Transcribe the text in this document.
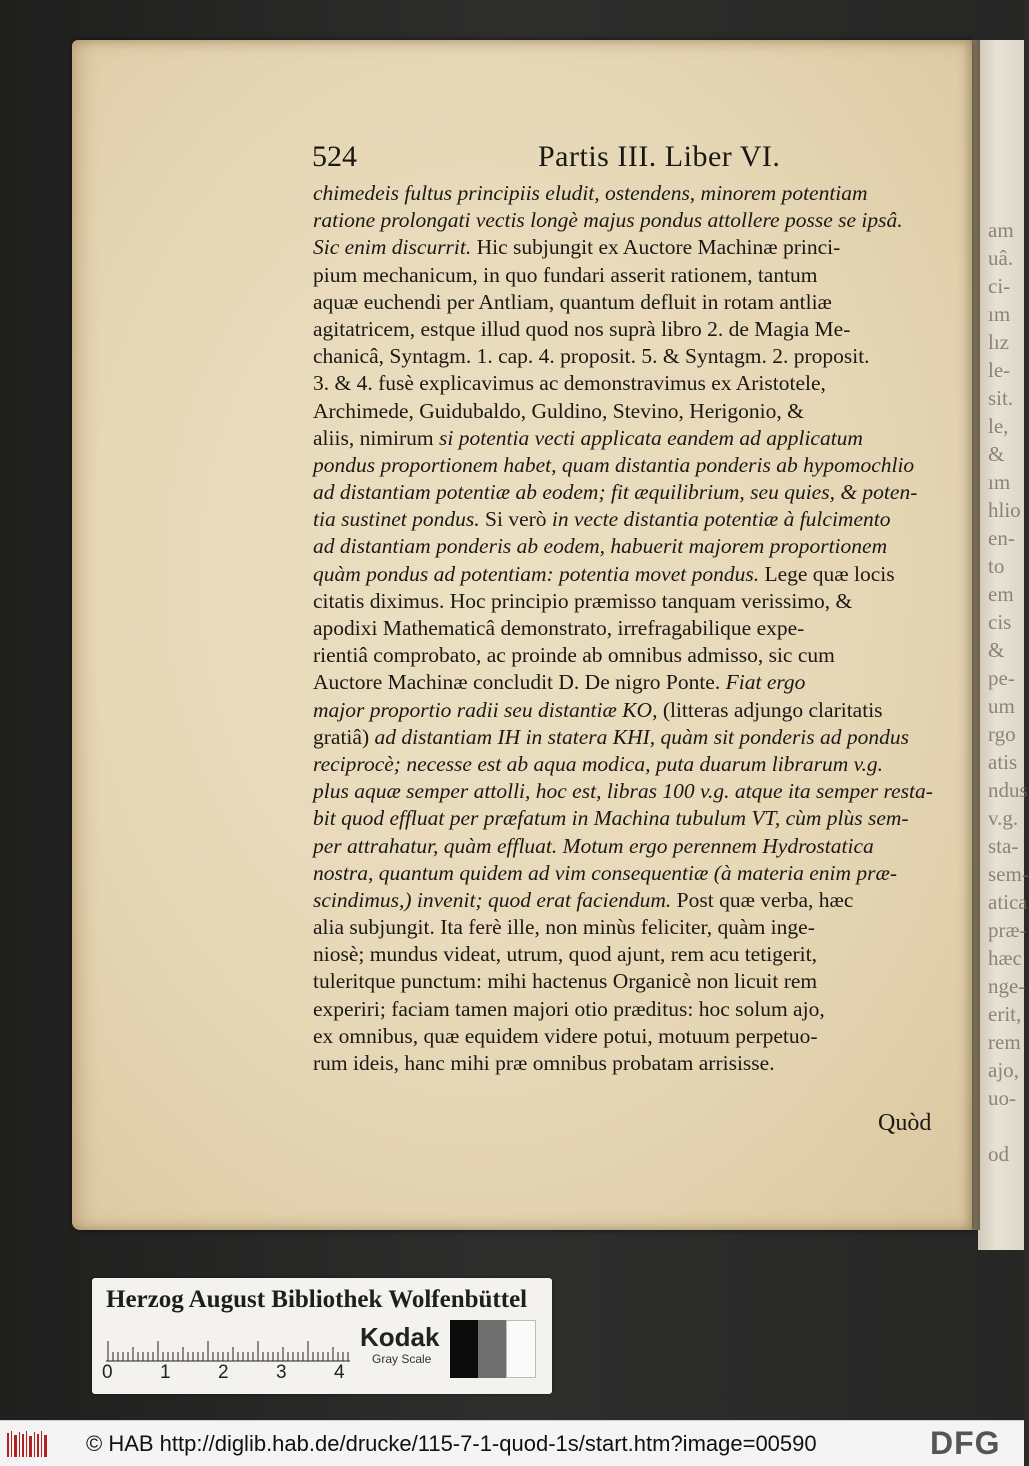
am
uâ.
ci-
ım
lız
le-
sit.
le,
&
ım
hlio
en-
to
em
cis
&
pe-
um
rgo
atis
ndus
v.g.
sta-
sem-
atica
præ-
hæc
nge-
erit,
rem
ajo,
uo-

od
524	Partis III. Liber VI.
chimedeis fultus principiis eludit, ostendens, minorem potentiam
ratione prolongati vectis longè majus pondus attollere posse se ipsâ.
Sic enim discurrit. Hic subjungit ex Auctore Machinæ princi-
pium mechanicum, in quo fundari asserit rationem, tantum
aquæ euchendi per Antliam, quantum defluit in rotam antliæ
agitatricem, estque illud quod nos suprà libro 2. de Magia Me-
chanicâ, Syntagm. 1. cap. 4. proposit. 5. & Syntagm. 2. proposit.
3. & 4. fusè explicavimus ac demonstravimus ex Aristotele,
Archimede, Guidubaldo, Guldino, Stevino, Herigonio, &
aliis, nimirum si potentia vecti applicata eandem ad applicatum
pondus proportionem habet, quam distantia ponderis ab hypomochlio
ad distantiam potentiæ ab eodem; fit æquilibrium, seu quies, & poten-
tia sustinet pondus. Si verò in vecte distantia potentiæ à fulcimento
ad distantiam ponderis ab eodem, habuerit majorem proportionem
quàm pondus ad potentiam: potentia movet pondus. Lege quæ locis
citatis diximus. Hoc principio præmisso tanquam verissimo, &
apodixi Mathematicâ demonstrato, irrefragabilique expe-
rientiâ comprobato, ac proinde ab omnibus admisso, sic cum
Auctore Machinæ concludit D. De nigro Ponte. Fiat ergo
major proportio radii seu distantiæ KO, (litteras adjungo claritatis
gratiâ) ad distantiam IH in statera KHI, quàm sit ponderis ad pondus
reciprocè; necesse est ab aqua modica, puta duarum librarum v.g.
plus aquæ semper attolli, hoc est, libras 100 v.g. atque ita semper resta-
bit quod effluat per præfatum in Machina tubulum VT, cùm plùs sem-
per attrahatur, quàm effluat. Motum ergo perennem Hydrostatica
nostra, quantum quidem ad vim consequentiæ (à materia enim præ-
scindimus,) invenit; quod erat faciendum. Post quæ verba, hæc
alia subjungit. Ita ferè ille, non minùs feliciter, quàm inge-
niosè; mundus videat, utrum, quod ajunt, rem acu tetigerit,
tuleritque punctum: mihi hactenus Organicè non licuit rem
experiri; faciam tamen majori otio præditus: hoc solum ajo,
ex omnibus, quæ equidem videre potui, motuum perpetuo-
rum ideis, hanc mihi præ omnibus probatam arrisisse.
Quòd
Herzog August Bibliothek Wolfenbüttel
0 1 2 3 4
Kodak
Gray Scale
© HAB http://diglib.hab.de/drucke/115-7-1-quod-1s/start.htm?image=00590	DFG
